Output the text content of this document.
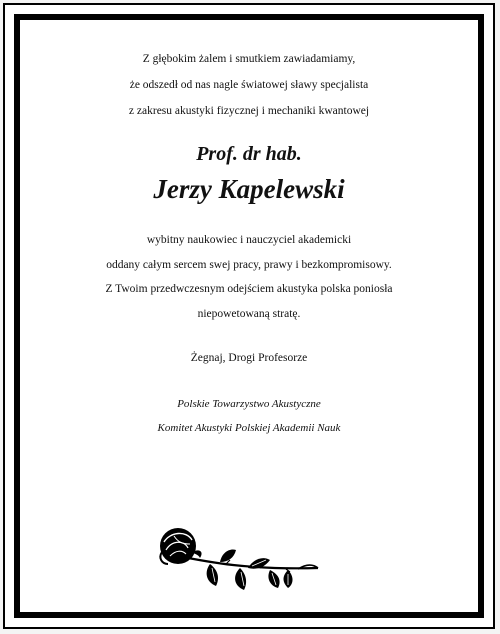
Z głębokim żalem i smutkiem zawiadamiamy,
że odszedł od nas nagle światowej sławy specjalista
z zakresu akustyki fizycznej i mechaniki kwantowej
Prof. dr hab.
Jerzy Kapelewski
wybitny naukowiec i nauczyciel akademicki
oddany całym sercem swej pracy, prawy i bezkompromisowy.
Z Twoim przedwczesnym odejściem akustyka polska poniosła
niepowetowaną stratę.
Żegnaj, Drogi Profesorze
Polskie Towarzystwo Akustyczne
Komitet Akustyki Polskiej Akademii Nauk
